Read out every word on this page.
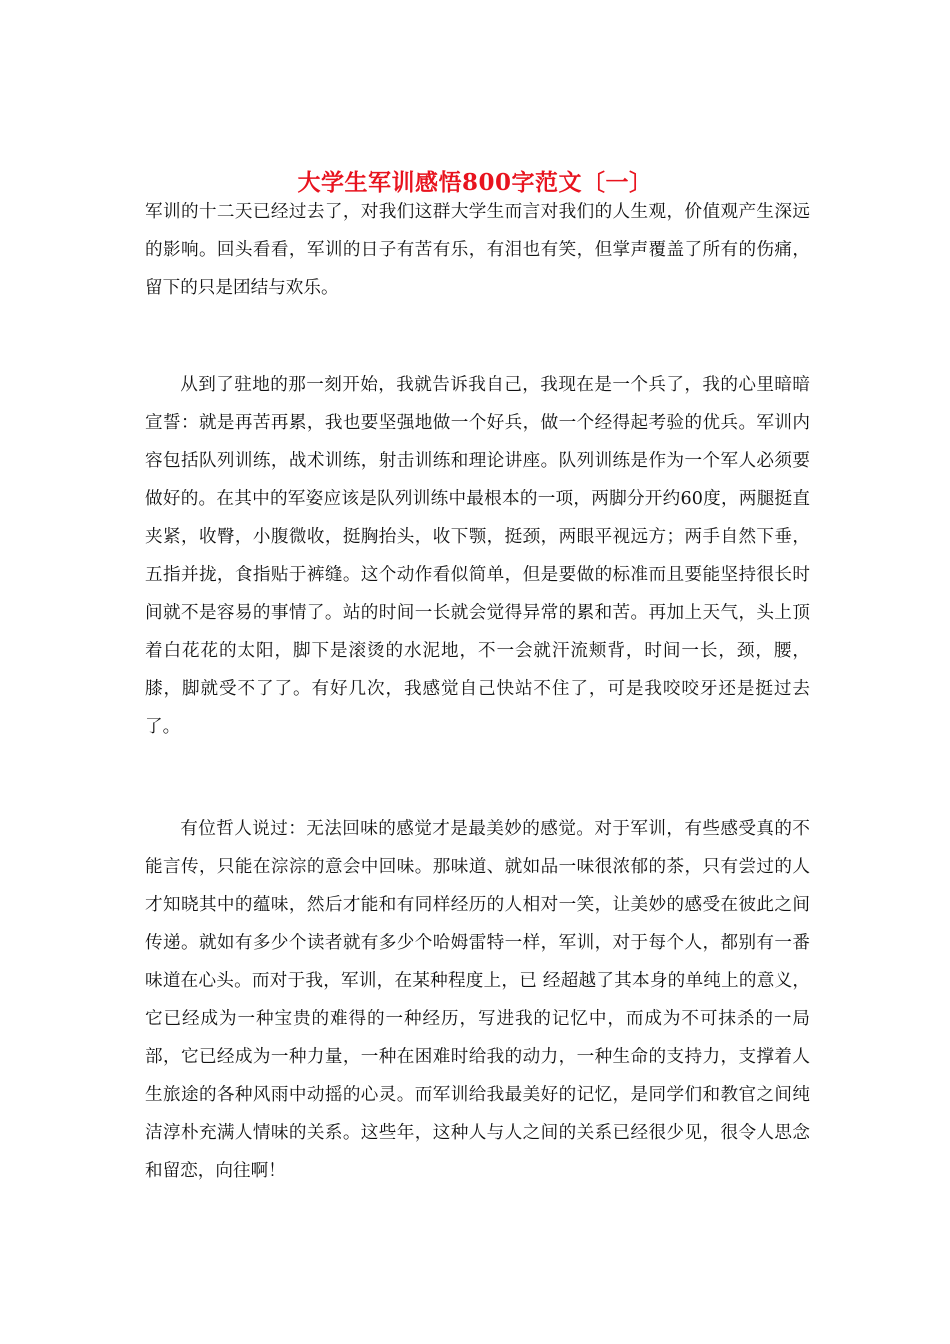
大学生军训感悟800字范文〔一〕

军训的十二天已经过去了，对我们这群大学生而言对我们的人生观，价值观产生深远的影响。回头看看，军训的日子有苦有乐，有泪也有笑，但掌声覆盖了所有的伤痛，留下的只是团结与欢乐。

从到了驻地的那一刻开始，我就告诉我自己，我现在是一个兵了，我的心里暗暗宣誓：就是再苦再累，我也要坚强地做一个好兵，做一个经得起考验的优兵。军训内容包括队列训练，战术训练，射击训练和理论讲座。队列训练是作为一个军人必须要做好的。在其中的军姿应该是队列训练中最根本的一项，两脚分开约60度，两腿挺直夹紧，收臀，小腹微收，挺胸抬头，收下颚，挺颈，两眼平视远方；两手自然下垂，五指并拢，食指贴于裤缝。这个动作看似简单，但是要做的标准而且要能坚持很长时间就不是容易的事情了。站的时间一长就会觉得异常的累和苦。再加上天气，头上顶着白花花的太阳，脚下是滚烫的水泥地，不一会就汗流颊背，时间一长，颈，腰，膝，脚就受不了了。有好几次，我感觉自己快站不住了，可是我咬咬牙还是挺过去了。

有位哲人说过：无法回味的感觉才是最美妙的感觉。对于军训，有些感受真的不能言传，只能在淙淙的意会中回味。那味道、就如品一味很浓郁的茶，只有尝过的人才知晓其中的蕴味，然后才能和有同样经历的人相对一笑，让美妙的感受在彼此之间传递。就如有多少个读者就有多少个哈姆雷特一样，军训，对于每个人，都别有一番味道在心头。而对于我，军训，在某种程度上，已 经超越了其本身的单纯上的意义，它已经成为一种宝贵的难得的一种经历，写进我的记忆中，而成为不可抹杀的一局部，它已经成为一种力量，一种在困难时给我的动力，一种生命的支持力，支撑着人生旅途的各种风雨中动摇的心灵。而军训给我最美好的记忆，是同学们和教官之间纯洁淳朴充满人情味的关系。这些年，这种人与人之间的关系已经很少见，很令人思念和留恋，向往啊！
